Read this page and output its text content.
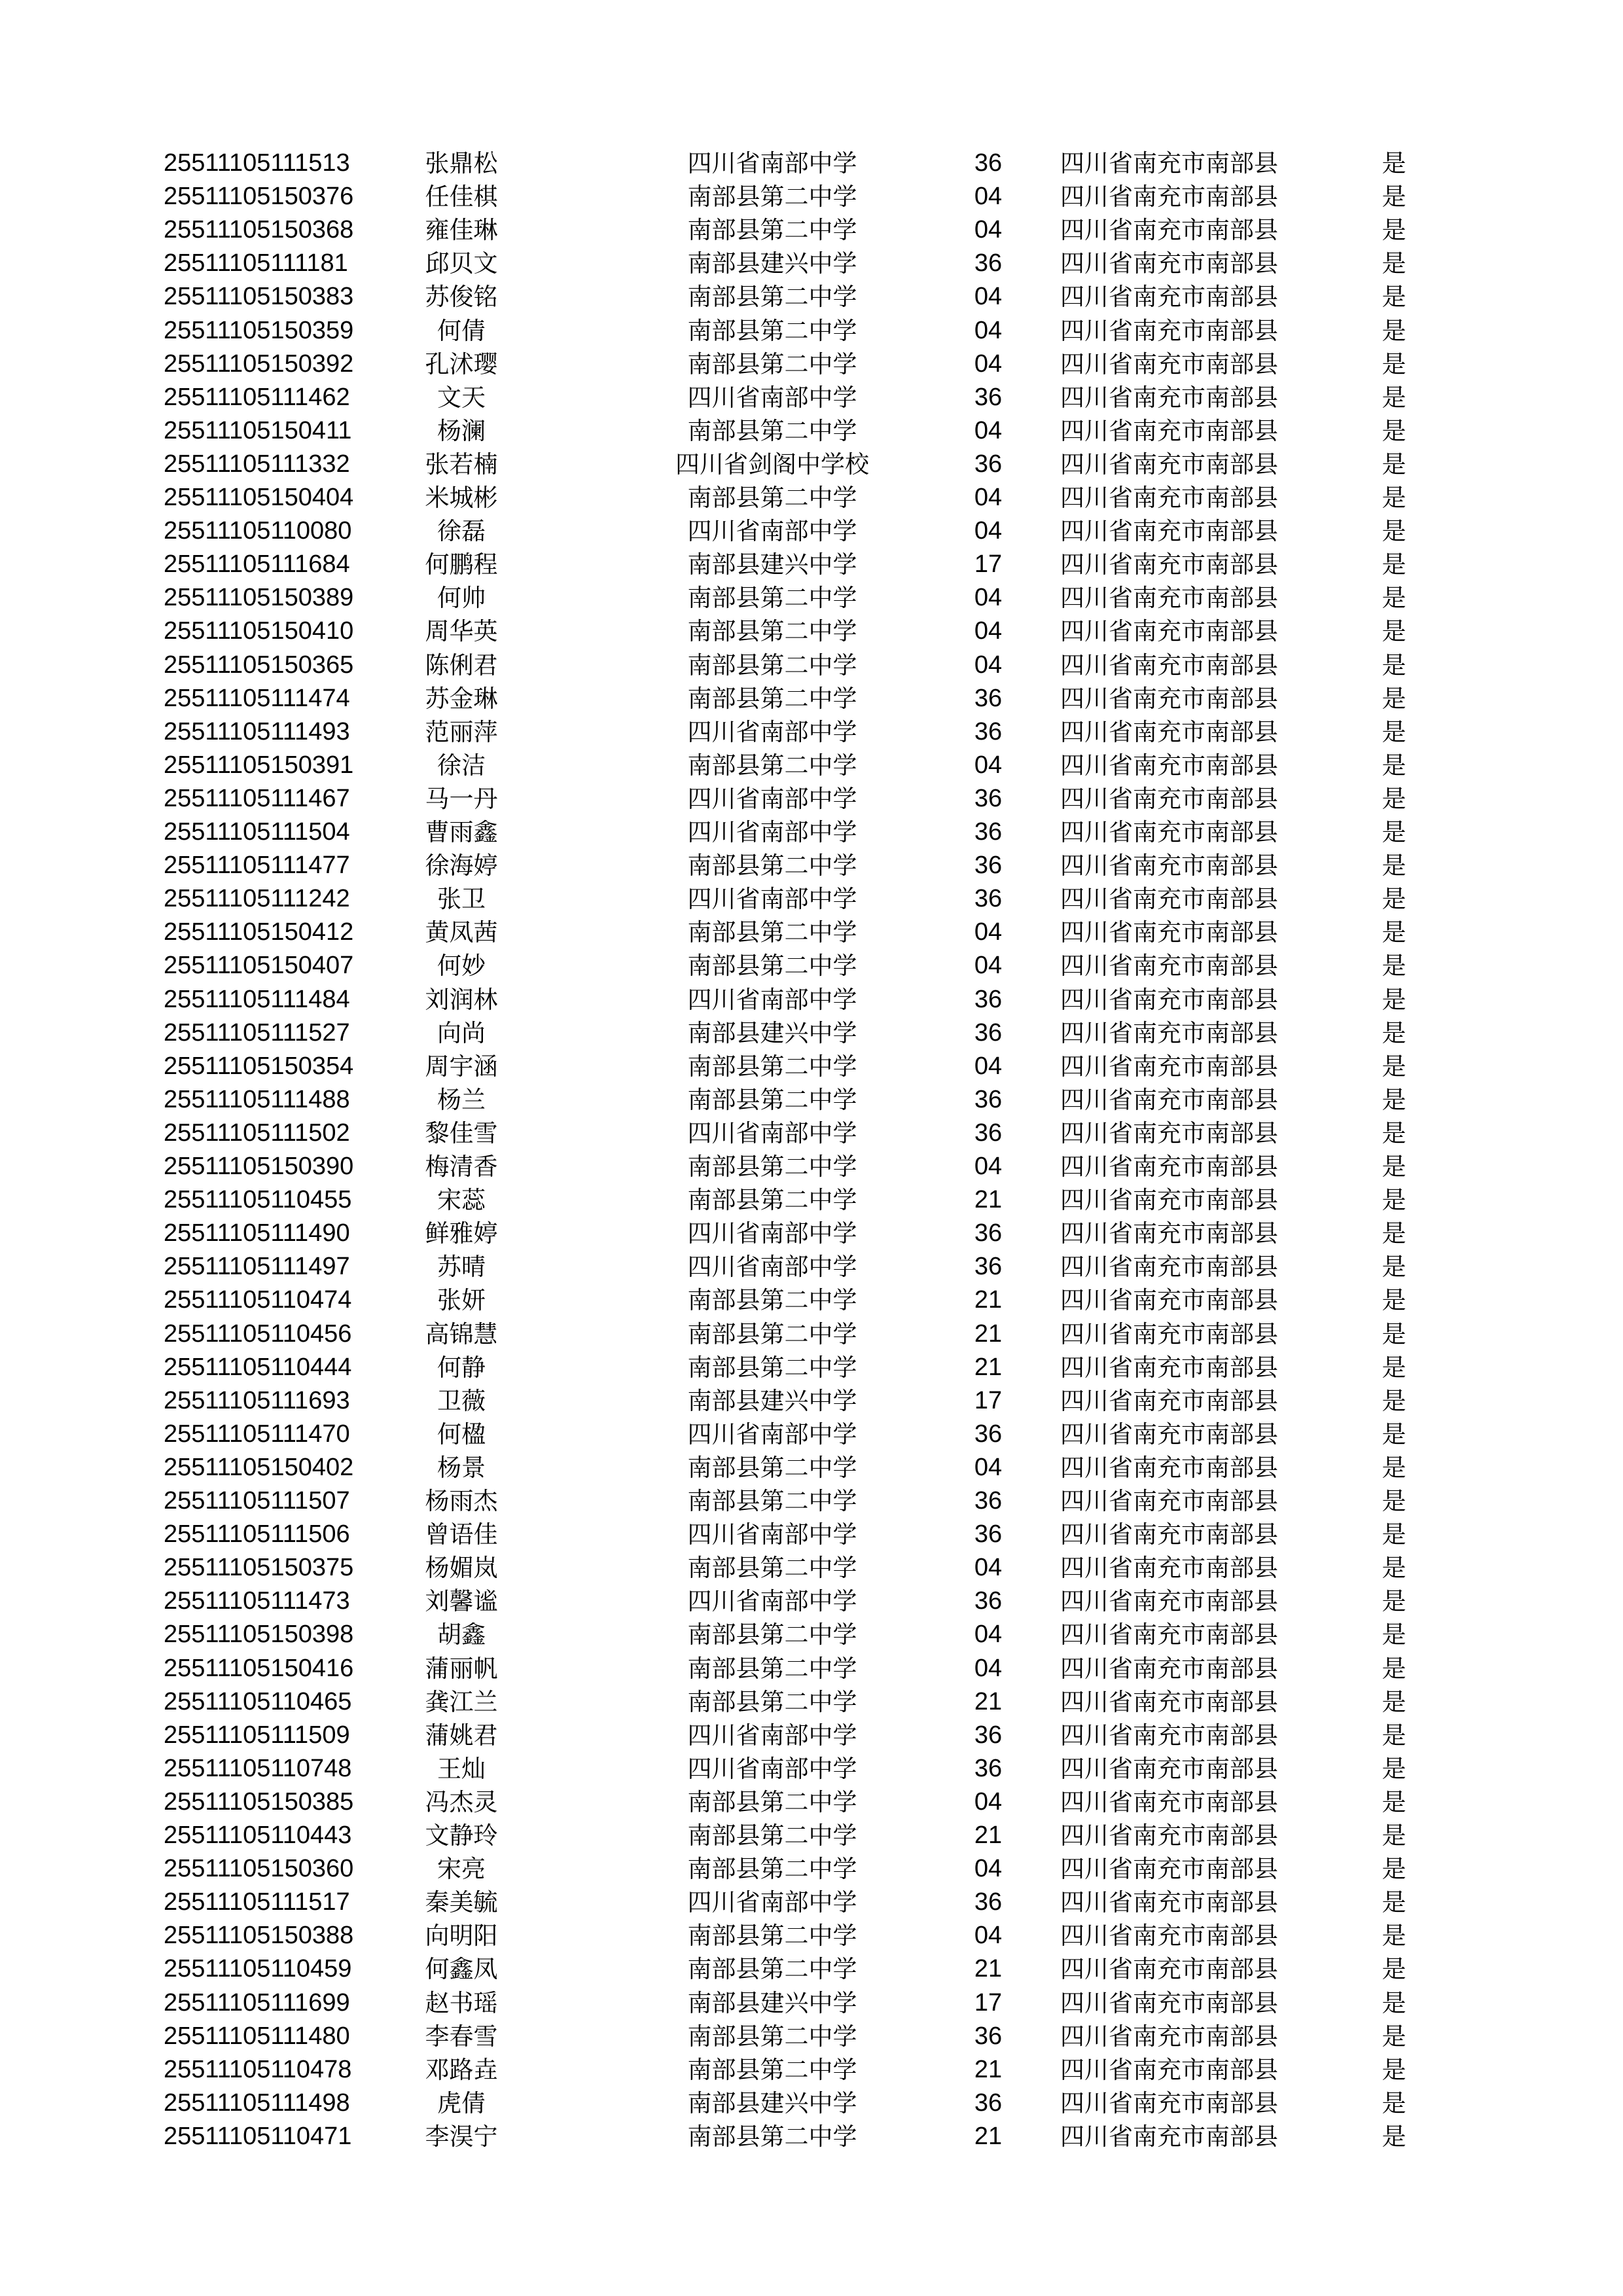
25511105111513	张鼎松	四川省南部中学	36	四川省南充市南部县	是
25511105150376	任佳棋	南部县第二中学	04	四川省南充市南部县	是
25511105150368	雍佳琳	南部县第二中学	04	四川省南充市南部县	是
25511105111181	邱贝文	南部县建兴中学	36	四川省南充市南部县	是
25511105150383	苏俊铭	南部县第二中学	04	四川省南充市南部县	是
25511105150359	何倩	南部县第二中学	04	四川省南充市南部县	是
25511105150392	孔沭璎	南部县第二中学	04	四川省南充市南部县	是
25511105111462	文天	四川省南部中学	36	四川省南充市南部县	是
25511105150411	杨澜	南部县第二中学	04	四川省南充市南部县	是
25511105111332	张若楠	四川省剑阁中学校	36	四川省南充市南部县	是
25511105150404	米城彬	南部县第二中学	04	四川省南充市南部县	是
25511105110080	徐磊	四川省南部中学	04	四川省南充市南部县	是
25511105111684	何鹏程	南部县建兴中学	17	四川省南充市南部县	是
25511105150389	何帅	南部县第二中学	04	四川省南充市南部县	是
25511105150410	周华英	南部县第二中学	04	四川省南充市南部县	是
25511105150365	陈俐君	南部县第二中学	04	四川省南充市南部县	是
25511105111474	苏金琳	南部县第二中学	36	四川省南充市南部县	是
25511105111493	范丽萍	四川省南部中学	36	四川省南充市南部县	是
25511105150391	徐洁	南部县第二中学	04	四川省南充市南部县	是
25511105111467	马一丹	四川省南部中学	36	四川省南充市南部县	是
25511105111504	曹雨鑫	四川省南部中学	36	四川省南充市南部县	是
25511105111477	徐海婷	南部县第二中学	36	四川省南充市南部县	是
25511105111242	张卫	四川省南部中学	36	四川省南充市南部县	是
25511105150412	黄凤茜	南部县第二中学	04	四川省南充市南部县	是
25511105150407	何妙	南部县第二中学	04	四川省南充市南部县	是
25511105111484	刘润林	四川省南部中学	36	四川省南充市南部县	是
25511105111527	向尚	南部县建兴中学	36	四川省南充市南部县	是
25511105150354	周宇涵	南部县第二中学	04	四川省南充市南部县	是
25511105111488	杨兰	南部县第二中学	36	四川省南充市南部县	是
25511105111502	黎佳雪	四川省南部中学	36	四川省南充市南部县	是
25511105150390	梅清香	南部县第二中学	04	四川省南充市南部县	是
25511105110455	宋蕊	南部县第二中学	21	四川省南充市南部县	是
25511105111490	鲜雅婷	四川省南部中学	36	四川省南充市南部县	是
25511105111497	苏晴	四川省南部中学	36	四川省南充市南部县	是
25511105110474	张妍	南部县第二中学	21	四川省南充市南部县	是
25511105110456	高锦慧	南部县第二中学	21	四川省南充市南部县	是
25511105110444	何静	南部县第二中学	21	四川省南充市南部县	是
25511105111693	卫薇	南部县建兴中学	17	四川省南充市南部县	是
25511105111470	何楹	四川省南部中学	36	四川省南充市南部县	是
25511105150402	杨景	南部县第二中学	04	四川省南充市南部县	是
25511105111507	杨雨杰	南部县第二中学	36	四川省南充市南部县	是
25511105111506	曾语佳	四川省南部中学	36	四川省南充市南部县	是
25511105150375	杨媚岚	南部县第二中学	04	四川省南充市南部县	是
25511105111473	刘馨谧	四川省南部中学	36	四川省南充市南部县	是
25511105150398	胡鑫	南部县第二中学	04	四川省南充市南部县	是
25511105150416	蒲丽帆	南部县第二中学	04	四川省南充市南部县	是
25511105110465	龚江兰	南部县第二中学	21	四川省南充市南部县	是
25511105111509	蒲姚君	四川省南部中学	36	四川省南充市南部县	是
25511105110748	王灿	四川省南部中学	36	四川省南充市南部县	是
25511105150385	冯杰灵	南部县第二中学	04	四川省南充市南部县	是
25511105110443	文静玲	南部县第二中学	21	四川省南充市南部县	是
25511105150360	宋亮	南部县第二中学	04	四川省南充市南部县	是
25511105111517	秦美毓	四川省南部中学	36	四川省南充市南部县	是
25511105150388	向明阳	南部县第二中学	04	四川省南充市南部县	是
25511105110459	何鑫凤	南部县第二中学	21	四川省南充市南部县	是
25511105111699	赵书瑶	南部县建兴中学	17	四川省南充市南部县	是
25511105111480	李春雪	南部县第二中学	36	四川省南充市南部县	是
25511105110478	邓路垚	南部县第二中学	21	四川省南充市南部县	是
25511105111498	虎倩	南部县建兴中学	36	四川省南充市南部县	是
25511105110471	李淏宁	南部县第二中学	21	四川省南充市南部县	是
